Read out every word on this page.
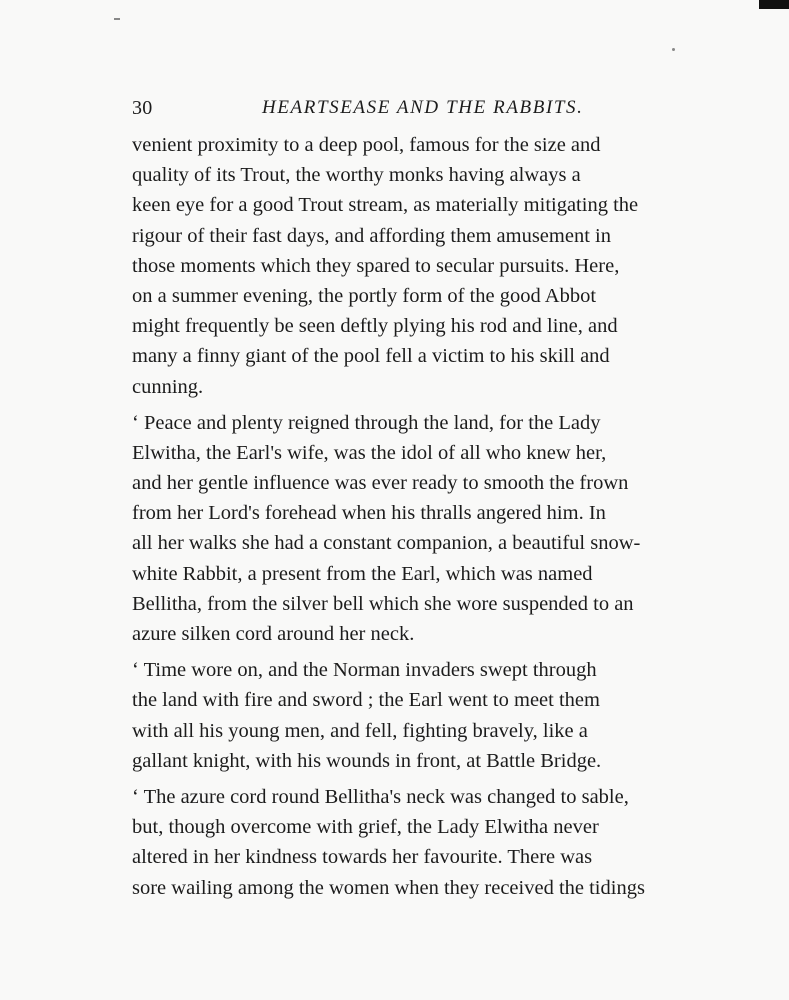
30	HEARTSEASE AND THE RABBITS.
venient proximity to a deep pool, famous for the size and
quality of its Trout, the worthy monks having always a
keen eye for a good Trout stream, as materially mitigating the
rigour of their fast days, and affording them amusement in
those moments which they spared to secular pursuits. Here,
on a summer evening, the portly form of the good Abbot
might frequently be seen deftly plying his rod and line, and
many a finny giant of the pool fell a victim to his skill and
cunning.
‘ Peace and plenty reigned through the land, for the Lady
Elwitha, the Earl's wife, was the idol of all who knew her,
and her gentle influence was ever ready to smooth the frown
from her Lord's forehead when his thralls angered him. In
all her walks she had a constant companion, a beautiful snow-
white Rabbit, a present from the Earl, which was named
Bellitha, from the silver bell which she wore suspended to an
azure silken cord around her neck.
‘ Time wore on, and the Norman invaders swept through
the land with fire and sword ; the Earl went to meet them
with all his young men, and fell, fighting bravely, like a
gallant knight, with his wounds in front, at Battle Bridge.
‘ The azure cord round Bellitha's neck was changed to sable,
but, though overcome with grief, the Lady Elwitha never
altered in her kindness towards her favourite. There was
sore wailing among the women when they received the tidings
